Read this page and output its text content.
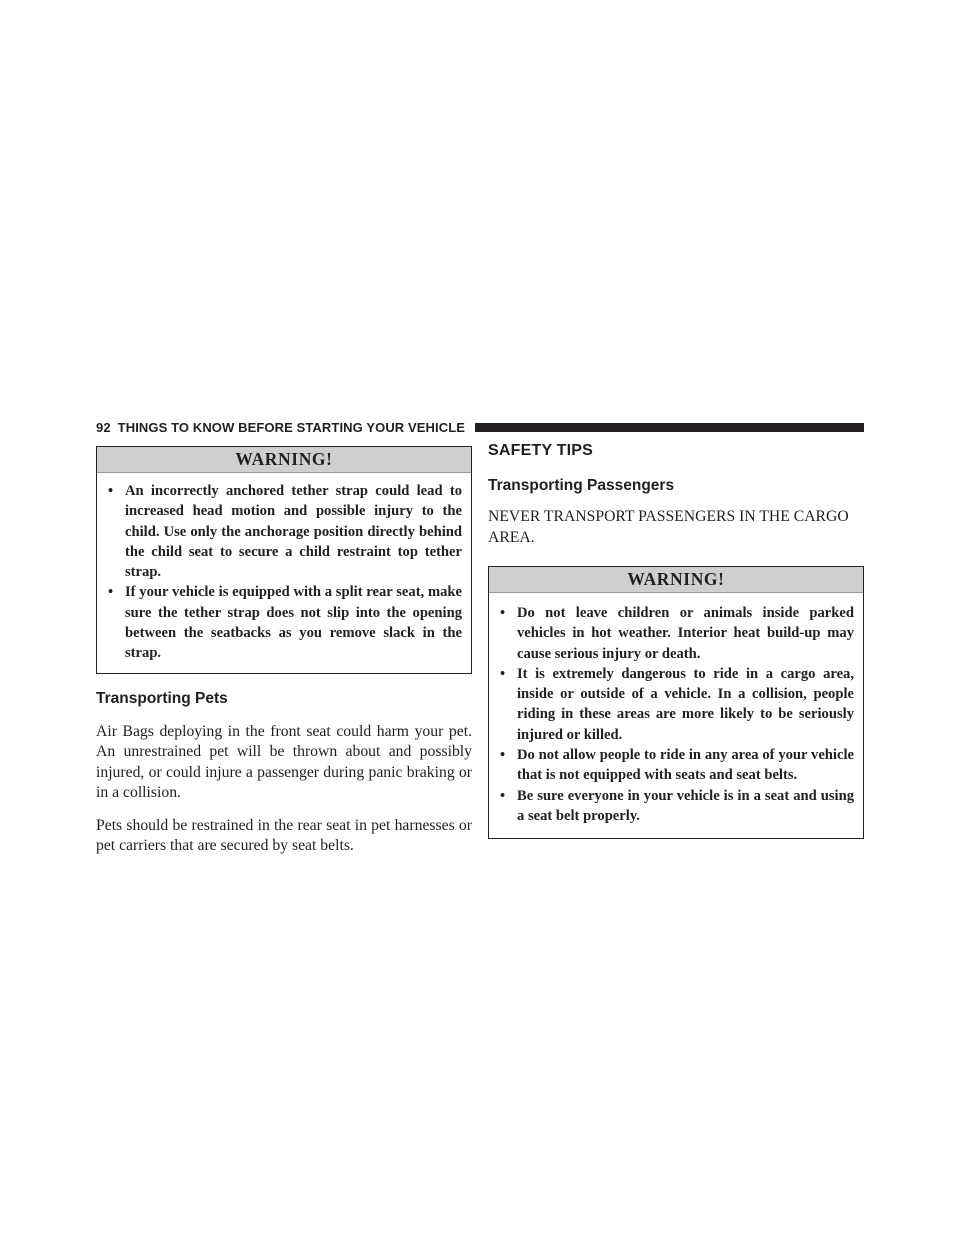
92 THINGS TO KNOW BEFORE STARTING YOUR VEHICLE
WARNING!
• An incorrectly anchored tether strap could lead to increased head motion and possible injury to the child. Use only the anchorage position directly behind the child seat to secure a child restraint top tether strap.
• If your vehicle is equipped with a split rear seat, make sure the tether strap does not slip into the opening between the seatbacks as you remove slack in the strap.
Transporting Pets

Air Bags deploying in the front seat could harm your pet. An unrestrained pet will be thrown about and possibly injured, or could injure a passenger during panic braking or in a collision.

Pets should be restrained in the rear seat in pet harnesses or pet carriers that are secured by seat belts.

SAFETY TIPS
Transporting Passengers

NEVER TRANSPORT PASSENGERS IN THE CARGO AREA.

WARNING!
• Do not leave children or animals inside parked vehicles in hot weather. Interior heat build-up may cause serious injury or death.
• It is extremely dangerous to ride in a cargo area, inside or outside of a vehicle. In a collision, people riding in these areas are more likely to be seriously injured or killed.
• Do not allow people to ride in any area of your vehicle that is not equipped with seats and seat belts.
• Be sure everyone in your vehicle is in a seat and using a seat belt properly.
